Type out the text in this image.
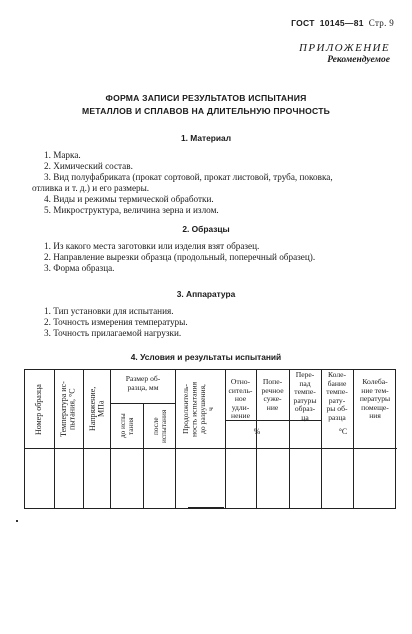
ГОСТ 10145—81 Стр. 9
ПРИЛОЖЕНИЕ
Рекомендуемое
ФОРМА ЗАПИСИ РЕЗУЛЬТАТОВ ИСПЫТАНИЯ
МЕТАЛЛОВ И СПЛАВОВ НА ДЛИТЕЛЬНУЮ ПРОЧНОСТЬ
1. Материал
1. Марка.
2. Химический состав.
3. Вид полуфабриката (прокат сортовой, прокат листовой, труба, поковка,
отливка и т. д.) и его размеры.
4. Виды и режимы термической обработки.
5. Микроструктура, величина зерна и излом.
2. Образцы
1. Из какого места заготовки или изделия взят образец.
2. Направление вырезки образца (продольный, поперечный образец).
3. Форма образца.
3. Аппаратура
1. Тип установки для испытания.
2. Точность измерения температуры.
3. Точность прилагаемой нагрузки.
4. Условия и результаты испытаний
Номер образца Температура ис-
пытания, °C Напряжение,
МПа
Размер об-
разца, мм
до испы
тания после
испытания Продолжитель-
ность испытания
до разрушения,
ч
Отно-
ситель-
ное
удли-
нение
Попе-
речное
суже-
ние
Пере-
пад
темпе-
ратуры
образ-
ца
Коле-
бание
темпе-
рату-
ры об-
разца
Колеба-
ние тем-
пературы
помеще-
ния
%	°C
